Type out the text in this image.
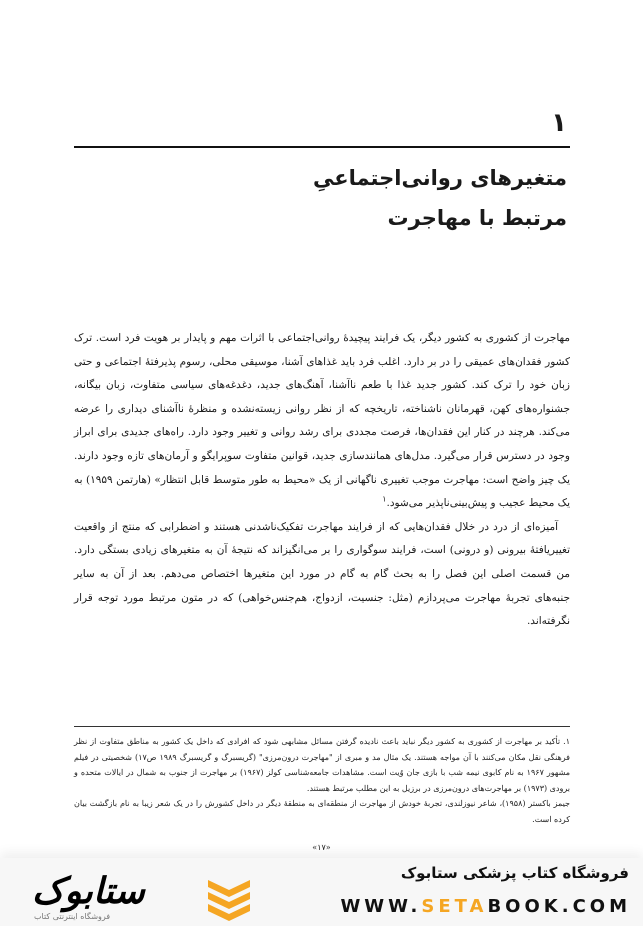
۱
متغیرهای روانی‌اجتماعیِ
مرتبط با مهاجرت

مهاجرت از کشوری به کشور دیگر، یک فرایند پیچیدهٔ روانی‌اجتماعی با اثرات مهم و پایدار بر هویت فرد است. ترک کشور فقدان‌های عمیقی را در بر دارد. اغلب فرد باید غذاهای آشنا، موسیقی محلی، رسوم پذیرفتهٔ اجتماعی و حتی زبان خود را ترک کند. کشور جدید غذا با طعم ناآشنا، آهنگ‌های جدید، دغدغه‌های سیاسی متفاوت، زبان بیگانه، جشنواره‌های کهن، قهرمانان ناشناخته، تاریخچه که از نظر روانی زیسته‌نشده و منظرهٔ ناآشنای دیداری را عرضه می‌کند. هرچند در کنار این فقدان‌ها، فرصت مجددی برای رشد روانی و تغییر وجود دارد. راه‌های جدیدی برای ابراز وجود در دسترس قرار می‌گیرد. مدل‌های همانندسازی جدید، قوانین متفاوت سوپرایگو و آرمان‌های تازه وجود دارند. یک چیز واضح است: مهاجرت موجب تغییری ناگهانی از یک «محیط به طور متوسط قابل انتظار» (هارتمن ۱۹۵۹) به یک محیط عجیب و پیش‌بینی‌ناپذیر می‌شود.$^۱$

آمیزه‌ای از درد در خلال فقدان‌هایی که از فرایند مهاجرت تفکیک‌ناشدنی هستند و اضطرابی که منتج از واقعیت تغییریافتهٔ بیرونی (و درونی) است، فرایند سوگواری را بر می‌انگیزاند که نتیجهٔ آن به متغیرهای زیادی بستگی دارد. من قسمت اصلی این فصل را به بحث گام به گام در مورد این متغیرها اختصاص می‌دهم. بعد از آن به سایر جنبه‌های تجربهٔ مهاجرت می‌پردازم (مثل: جنسیت، ازدواج، هم‌جنس‌خواهی) که در متون مرتبط مورد توجه قرار نگرفته‌اند.

۱. تأکید بر مهاجرت از کشوری به کشور دیگر نباید باعث نادیده گرفتن مسائل مشابهی شود که افرادی که داخل یک کشور به مناطق متفاوت از نظر فرهنگی نقل مکان می‌کنند با آن مواجه هستند. یک مثال مد و مبری از "مهاجرت درون‌مرزی" (گریسبرگ و گریسبرگ ۱۹۸۹ ص۱۷) شخصیتی در فیلم مشهور ۱۹۶۷ به نام کابوی نیمه شب با بازی جان وُیت است. مشاهدات جامعه‌شناسی کولز (۱۹۶۷) بر مهاجرت از جنوب به شمال در ایالات متحده و برودی (۱۹۷۳) بر مهاجرت‌های درون‌مرزی در برزیل به این مطلب مرتبط هستند.

جیمز باکستر (۱۹۵۸)، شاعر نیوزلندی، تجربهٔ خودش از مهاجرت از منطقه‌ای به منطقهٔ دیگر در داخل کشورش را در یک شعر زیبا به نام بازگشت بیان کرده است.

«۱۷»
ستابوک
فروشگاه اینترنتی کتاب
فروشگاه کتاب پزشکی ستابوک
WWW.SETABOOK.COM
